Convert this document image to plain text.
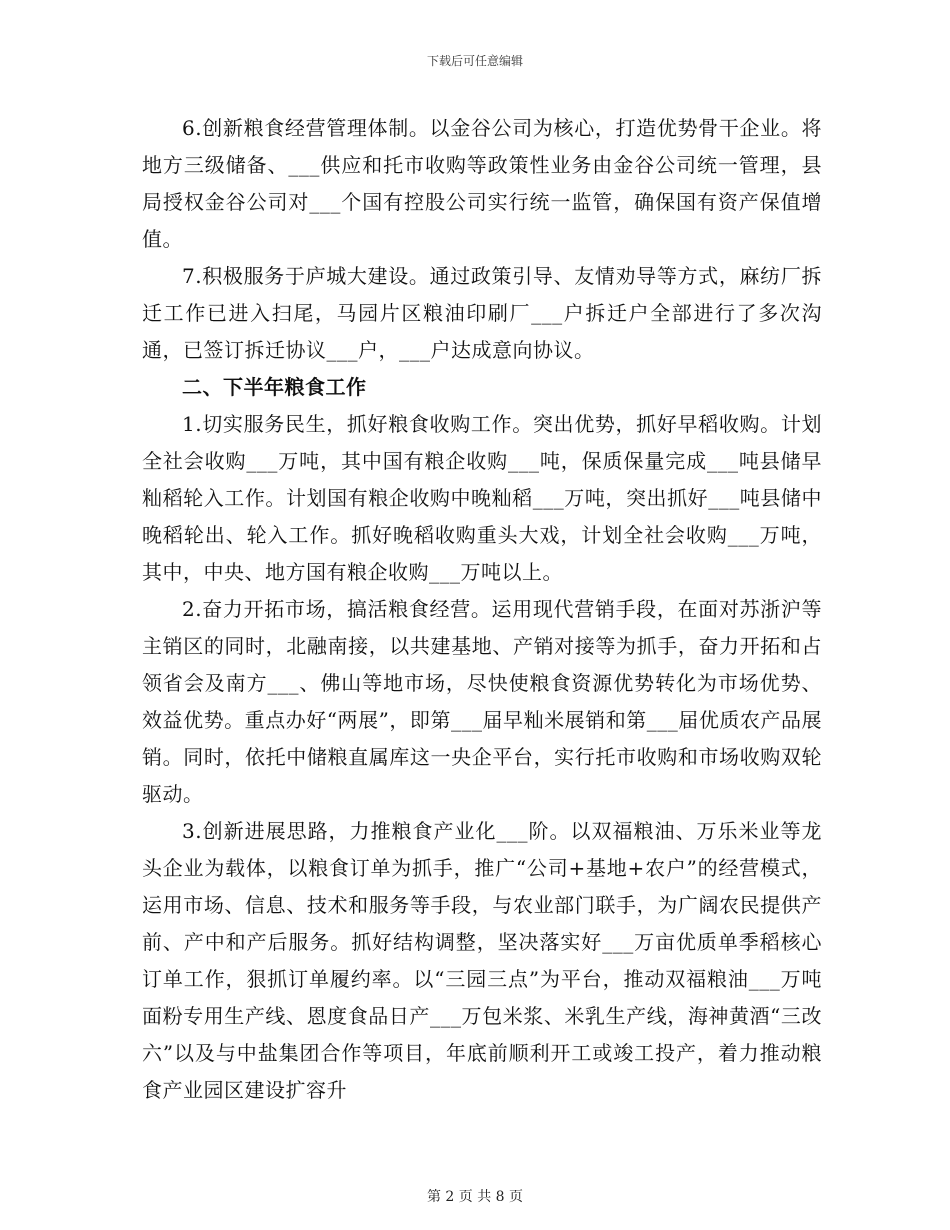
下载后可任意编辑

6.创新粮食经营管理体制。以金谷公司为核心，打造优势骨干企业。将地方三级储备、___供应和托市收购等政策性业务由金谷公司统一管理，县局授权金谷公司对___个国有控股公司实行统一监管，确保国有资产保值增值。

7.积极服务于庐城大建设。通过政策引导、友情劝导等方式，麻纺厂拆迁工作已进入扫尾，马园片区粮油印刷厂___户拆迁户全部进行了多次沟通，已签订拆迁协议___户，___户达成意向协议。

二、下半年粮食工作

1.切实服务民生，抓好粮食收购工作。突出优势，抓好早稻收购。计划全社会收购___万吨，其中国有粮企收购___吨，保质保量完成___吨县储早籼稻轮入工作。计划国有粮企收购中晚籼稻___万吨，突出抓好___吨县储中晚稻轮出、轮入工作。抓好晚稻收购重头大戏，计划全社会收购___万吨，其中，中央、地方国有粮企收购___万吨以上。

2.奋力开拓市场，搞活粮食经营。运用现代营销手段，在面对苏浙沪等主销区的同时，北融南接，以共建基地、产销对接等为抓手，奋力开拓和占领省会及南方___、佛山等地市场，尽快使粮食资源优势转化为市场优势、效益优势。重点办好“两展”，即第___届早籼米展销和第___届优质农产品展销。同时，依托中储粮直属库这一央企平台，实行托市收购和市场收购双轮驱动。

3.创新进展思路，力推粮食产业化___阶。以双福粮油、万乐米业等龙头企业为载体，以粮食订单为抓手，推广“公司+基地+农户”的经营模式，运用市场、信息、技术和服务等手段，与农业部门联手，为广阔农民提供产前、产中和产后服务。抓好结构调整，坚决落实好___万亩优质单季稻核心订单工作，狠抓订单履约率。以“三园三点”为平台，推动双福粮油___万吨面粉专用生产线、恩度食品日产___万包米浆、米乳生产线，海神黄酒“三改六”以及与中盐集团合作等项目，年底前顺利开工或竣工投产，着力推动粮食产业园区建设扩容升

第 2 页 共 8 页
